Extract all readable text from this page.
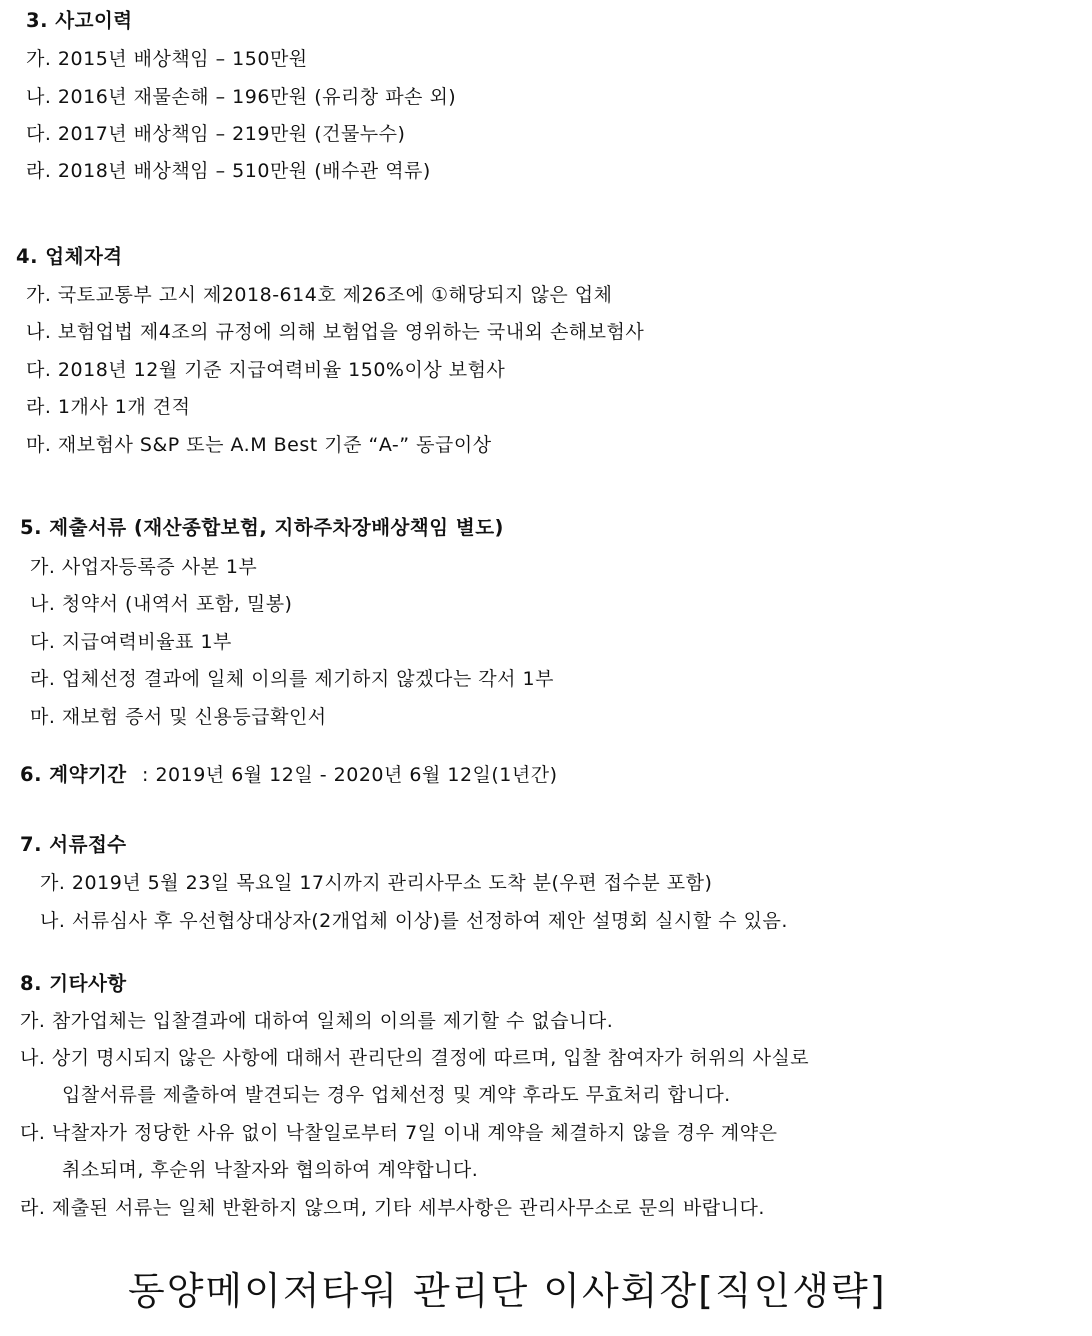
3. 사고이력
가. 2015년 배상책임 – 150만원
나. 2016년 재물손해 – 196만원 (유리창 파손 외)
다. 2017년 배상책임 – 219만원 (건물누수)
라. 2018년 배상책임 – 510만원 (배수관 역류)
4. 업체자격
가. 국토교통부 고시 제2018-614호 제26조에 ①해당되지 않은 업체
나. 보험업법 제4조의 규정에 의해 보험업을 영위하는 국내외 손해보험사
다. 2018년 12월 기준 지급여력비율 150%이상 보험사
라. 1개사 1개 견적
마. 재보험사 S&P 또는 A.M Best 기준 “A-” 동급이상
5. 제출서류 (재산종합보험, 지하주차장배상책임 별도)
가. 사업자등록증 사본 1부
나. 청약서 (내역서 포함, 밀봉)
다. 지급여력비율표 1부
라. 업체선정 결과에 일체 이의를 제기하지 않겠다는 각서 1부
마. 재보험 증서 및 신용등급확인서
6. 계약기간 : 2019년 6월 12일 - 2020년 6월 12일(1년간)
7. 서류접수
가. 2019년 5월 23일 목요일 17시까지 관리사무소 도착 분(우편 접수분 포함)
나. 서류심사 후 우선협상대상자(2개업체 이상)를 선정하여 제안 설명회 실시할 수 있음.
8. 기타사항
가. 참가업체는 입찰결과에 대하여 일체의 이의를 제기할 수 없습니다.
나. 상기 명시되지 않은 사항에 대해서 관리단의 결정에 따르며, 입찰 참여자가 허위의 사실로
입찰서류를 제출하여 발견되는 경우 업체선정 및 계약 후라도 무효처리 합니다.
다. 낙찰자가 정당한 사유 없이 낙찰일로부터 7일 이내 계약을 체결하지 않을 경우 계약은
취소되며, 후순위 낙찰자와 협의하여 계약합니다.
라. 제출된 서류는 일체 반환하지 않으며, 기타 세부사항은 관리사무소로 문의 바랍니다.
동양메이저타워 관리단 이사회장[직인생략]
